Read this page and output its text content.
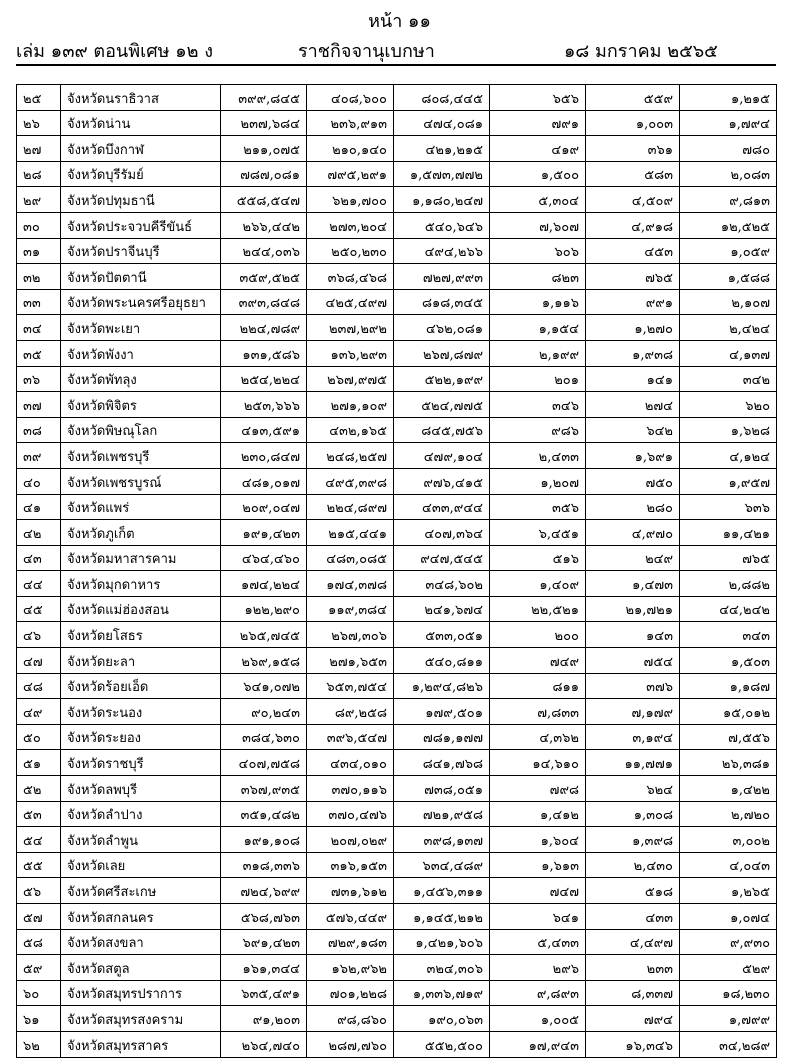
หน้า ๑๑
เล่ม ๑๓๙ ตอนพิเศษ ๑๒ ง	ราชกิจจานุเบกษา	๑๘ มกราคม ๒๕๖๕
๒๕	จังหวัดนราธิวาส	๓๙๙,๘๔๕	๔๐๘,๖๐๐	๘๐๘,๔๔๕	๖๕๖	๕๕๙	๑,๒๑๕	
๒๖	จังหวัดน่าน	๒๓๗,๖๘๔	๒๓๖,๙๑๓	๔๗๔,๐๘๑	๗๙๑	๑,๐๐๓	๑,๗๙๔	
๒๗	จังหวัดบึงกาฬ	๒๑๑,๐๗๕	๒๑๐,๑๔๐	๔๒๑,๒๑๕	๔๑๙	๓๖๑	๗๘๐	
๒๘	จังหวัดบุรีรัมย์	๗๘๗,๐๘๑	๗๙๕,๒๙๑	๑,๕๗๓,๗๗๒	๑,๕๐๐	๕๘๓	๒,๐๘๓	
๒๙	จังหวัดปทุมธานี	๕๕๘,๕๔๗	๖๒๑,๗๐๐	๑,๑๘๐,๒๔๗	๕,๓๐๔	๔,๕๐๙	๙,๘๑๓	
๓๐	จังหวัดประจวบคีรีขันธ์	๒๖๖,๔๔๒	๒๗๓,๒๐๔	๕๔๐,๖๔๖	๗,๖๐๗	๔,๙๑๘	๑๒,๕๒๕	
๓๑	จังหวัดปราจีนบุรี	๒๔๔,๐๓๖	๒๕๐,๒๓๐	๔๙๔,๒๖๖	๖๐๖	๔๕๓	๑,๐๕๙	
๓๒	จังหวัดปัตตานี	๓๕๙,๕๒๕	๓๖๘,๔๖๘	๗๒๗,๙๙๓	๘๒๓	๗๖๕	๑,๕๘๘	
๓๓	จังหวัดพระนครศรีอยุธยา	๓๙๓,๘๔๘	๔๒๕,๔๙๗	๘๑๘,๓๔๕	๑,๑๑๖	๙๙๑	๒,๑๐๗	
๓๔	จังหวัดพะเยา	๒๒๔,๗๘๙	๒๓๗,๒๙๒	๔๖๒,๐๘๑	๑,๑๕๔	๑,๒๗๐	๒,๔๒๔	
๓๕	จังหวัดพังงา	๑๓๑,๕๘๖	๑๓๖,๒๙๓	๒๖๗,๘๗๙	๒,๑๙๙	๑,๙๓๘	๔,๑๓๗	
๓๖	จังหวัดพัทลุง	๒๕๔,๒๒๔	๒๖๗,๙๗๕	๕๒๒,๑๙๙	๒๐๑	๑๔๑	๓๔๒	
๓๗	จังหวัดพิจิตร	๒๕๓,๖๖๖	๒๗๑,๑๐๙	๕๒๔,๗๗๕	๓๔๖	๒๗๔	๖๒๐	
๓๘	จังหวัดพิษณุโลก	๔๑๓,๕๙๑	๔๓๒,๑๖๕	๘๔๕,๗๕๖	๙๘๖	๖๔๒	๑,๖๒๘	
๓๙	จังหวัดเพชรบุรี	๒๓๐,๘๔๗	๒๔๘,๒๕๗	๔๗๙,๑๐๔	๒,๔๓๓	๑,๖๙๑	๔,๑๒๔	
๔๐	จังหวัดเพชรบูรณ์	๔๘๑,๐๑๗	๔๙๕,๓๙๘	๙๗๖,๔๑๕	๑,๒๐๗	๗๕๐	๑,๙๕๗	
๔๑	จังหวัดแพร่	๒๐๙,๐๔๗	๒๒๔,๘๙๗	๔๓๓,๙๔๔	๓๕๖	๒๘๐	๖๓๖	
๔๒	จังหวัดภูเก็ต	๑๙๑,๔๒๓	๒๑๕,๔๔๑	๔๐๗,๓๖๔	๖,๔๕๑	๔,๙๗๐	๑๑,๔๒๑	
๔๓	จังหวัดมหาสารคาม	๔๖๔,๔๖๐	๔๘๓,๐๘๕	๙๔๗,๕๔๕	๕๑๖	๒๔๙	๗๖๕	
๔๔	จังหวัดมุกดาหาร	๑๗๔,๒๒๔	๑๗๔,๓๗๘	๓๔๘,๖๐๒	๑,๔๐๙	๑,๔๗๓	๒,๘๘๒	
๔๕	จังหวัดแม่ฮ่องสอน	๑๒๒,๒๙๐	๑๑๙,๓๘๔	๒๔๑,๖๗๔	๒๒,๕๒๑	๒๑,๗๒๑	๔๔,๒๔๒	
๔๖	จังหวัดยโสธร	๒๖๕,๗๔๕	๒๖๗,๓๐๖	๕๓๓,๐๕๑	๒๐๐	๑๔๓	๓๔๓	
๔๗	จังหวัดยะลา	๒๖๙,๑๕๘	๒๗๑,๖๕๓	๕๔๐,๘๑๑	๗๔๙	๗๕๔	๑,๕๐๓	
๔๘	จังหวัดร้อยเอ็ด	๖๔๑,๐๗๒	๖๕๓,๗๕๔	๑,๒๙๔,๘๒๖	๘๑๑	๓๗๖	๑,๑๘๗	
๔๙	จังหวัดระนอง	๙๐,๒๔๓	๘๙,๒๕๘	๑๗๙,๕๐๑	๗,๘๓๓	๗,๑๗๙	๑๕,๐๑๒	
๕๐	จังหวัดระยอง	๓๘๔,๖๓๐	๓๙๖,๕๔๗	๗๘๑,๑๗๗	๔,๓๖๒	๓,๑๙๔	๗,๕๕๖	
๕๑	จังหวัดราชบุรี	๔๐๗,๗๕๘	๔๓๔,๐๑๐	๘๔๑,๗๖๘	๑๔,๖๑๐	๑๑,๗๗๑	๒๖,๓๘๑	
๕๒	จังหวัดลพบุรี	๓๖๗,๙๓๕	๓๗๐,๑๑๖	๗๓๘,๐๕๑	๗๙๘	๖๒๔	๑,๔๒๒	
๕๓	จังหวัดลำปาง	๓๕๑,๔๘๒	๓๗๐,๔๗๖	๗๒๑,๙๕๘	๑,๔๑๒	๑,๓๐๘	๒,๗๒๐	
๕๔	จังหวัดลำพูน	๑๙๑,๑๐๘	๒๐๗,๐๒๙	๓๙๘,๑๓๗	๑,๖๐๔	๑,๓๙๘	๓,๐๐๒	
๕๕	จังหวัดเลย	๓๑๘,๓๓๖	๓๑๖,๑๕๓	๖๓๔,๔๘๙	๑,๖๑๓	๒,๔๓๐	๔,๐๔๓	
๕๖	จังหวัดศรีสะเกษ	๗๒๔,๖๙๙	๗๓๑,๖๑๒	๑,๔๕๖,๓๑๑	๗๔๗	๕๑๘	๑,๒๖๕	
๕๗	จังหวัดสกลนคร	๕๖๘,๗๖๓	๕๗๖,๔๔๙	๑,๑๔๕,๒๑๒	๖๔๑	๔๓๓	๑,๐๗๔	
๕๘	จังหวัดสงขลา	๖๙๑,๔๒๓	๗๒๙,๑๘๓	๑,๔๒๑,๖๐๖	๕,๔๓๓	๔,๔๙๗	๙,๙๓๐	
๕๙	จังหวัดสตูล	๑๖๑,๓๔๔	๑๖๒,๙๖๒	๓๒๔,๓๐๖	๒๙๖	๒๓๓	๕๒๙	
๖๐	จังหวัดสมุทรปราการ	๖๓๕,๔๙๑	๗๐๑,๒๒๘	๑,๓๓๖,๗๑๙	๙,๘๙๓	๘,๓๓๗	๑๘,๒๓๐	
๖๑	จังหวัดสมุทรสงคราม	๙๑,๒๐๓	๙๘,๘๖๐	๑๙๐,๐๖๓	๑,๐๐๕	๗๙๔	๑,๗๙๙	
๖๒	จังหวัดสมุทรสาคร	๒๖๔,๗๔๐	๒๘๗,๗๖๐	๕๕๒,๕๐๐	๑๗,๙๔๓	๑๖,๓๔๖	๓๔,๒๘๙	
